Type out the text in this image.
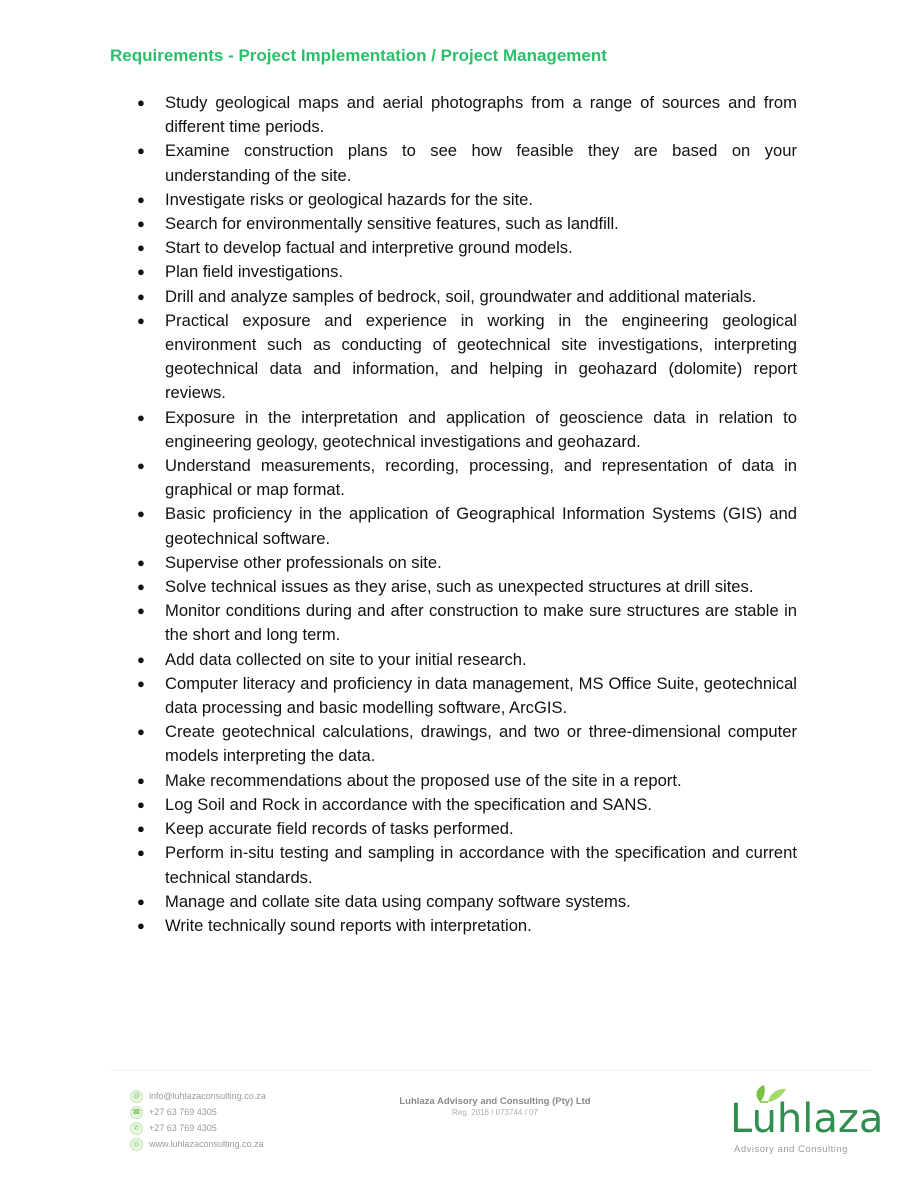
Requirements - Project Implementation / Project Management
● Study geological maps and aerial photographs from a range of sources and from different time periods.
● Examine construction plans to see how feasible they are based on your understanding of the site.
● Investigate risks or geological hazards for the site.
● Search for environmentally sensitive features, such as landfill.
● Start to develop factual and interpretive ground models.
● Plan field investigations.
● Drill and analyze samples of bedrock, soil, groundwater and additional materials.
● Practical exposure and experience in working in the engineering geological environment such as conducting of geotechnical site investigations, interpreting geotechnical data and information, and helping in geohazard (dolomite) report reviews.
● Exposure in the interpretation and application of geoscience data in relation to engineering geology, geotechnical investigations and geohazard.
● Understand measurements, recording, processing, and representation of data in graphical or map format.
● Basic proficiency in the application of Geographical Information Systems (GIS) and geotechnical software.
● Supervise other professionals on site.
● Solve technical issues as they arise, such as unexpected structures at drill sites.
● Monitor conditions during and after construction to make sure structures are stable in the short and long term.
● Add data collected on site to your initial research.
● Computer literacy and proficiency in data management, MS Office Suite, geotechnical data processing and basic modelling software, ArcGIS.
● Create geotechnical calculations, drawings, and two or three-dimensional computer models interpreting the data.
● Make recommendations about the proposed use of the site in a report.
● Log Soil and Rock in accordance with the specification and SANS.
● Keep accurate field records of tasks performed.
● Perform in-situ testing and sampling in accordance with the specification and current technical standards.
● Manage and collate site data using company software systems.
● Write technically sound reports with interpretation.
@ info@luhlazaconsulting.co.za
☎ +27 63 769 4305
✆	+27 63 769 4305
◎	www.luhlazaconsulting.co.za
Luhlaza Advisory and Consulting (Pty) Ltd
Reg. 2016 / 073744 / 07	Luhlaza
Advisory and Consulting
